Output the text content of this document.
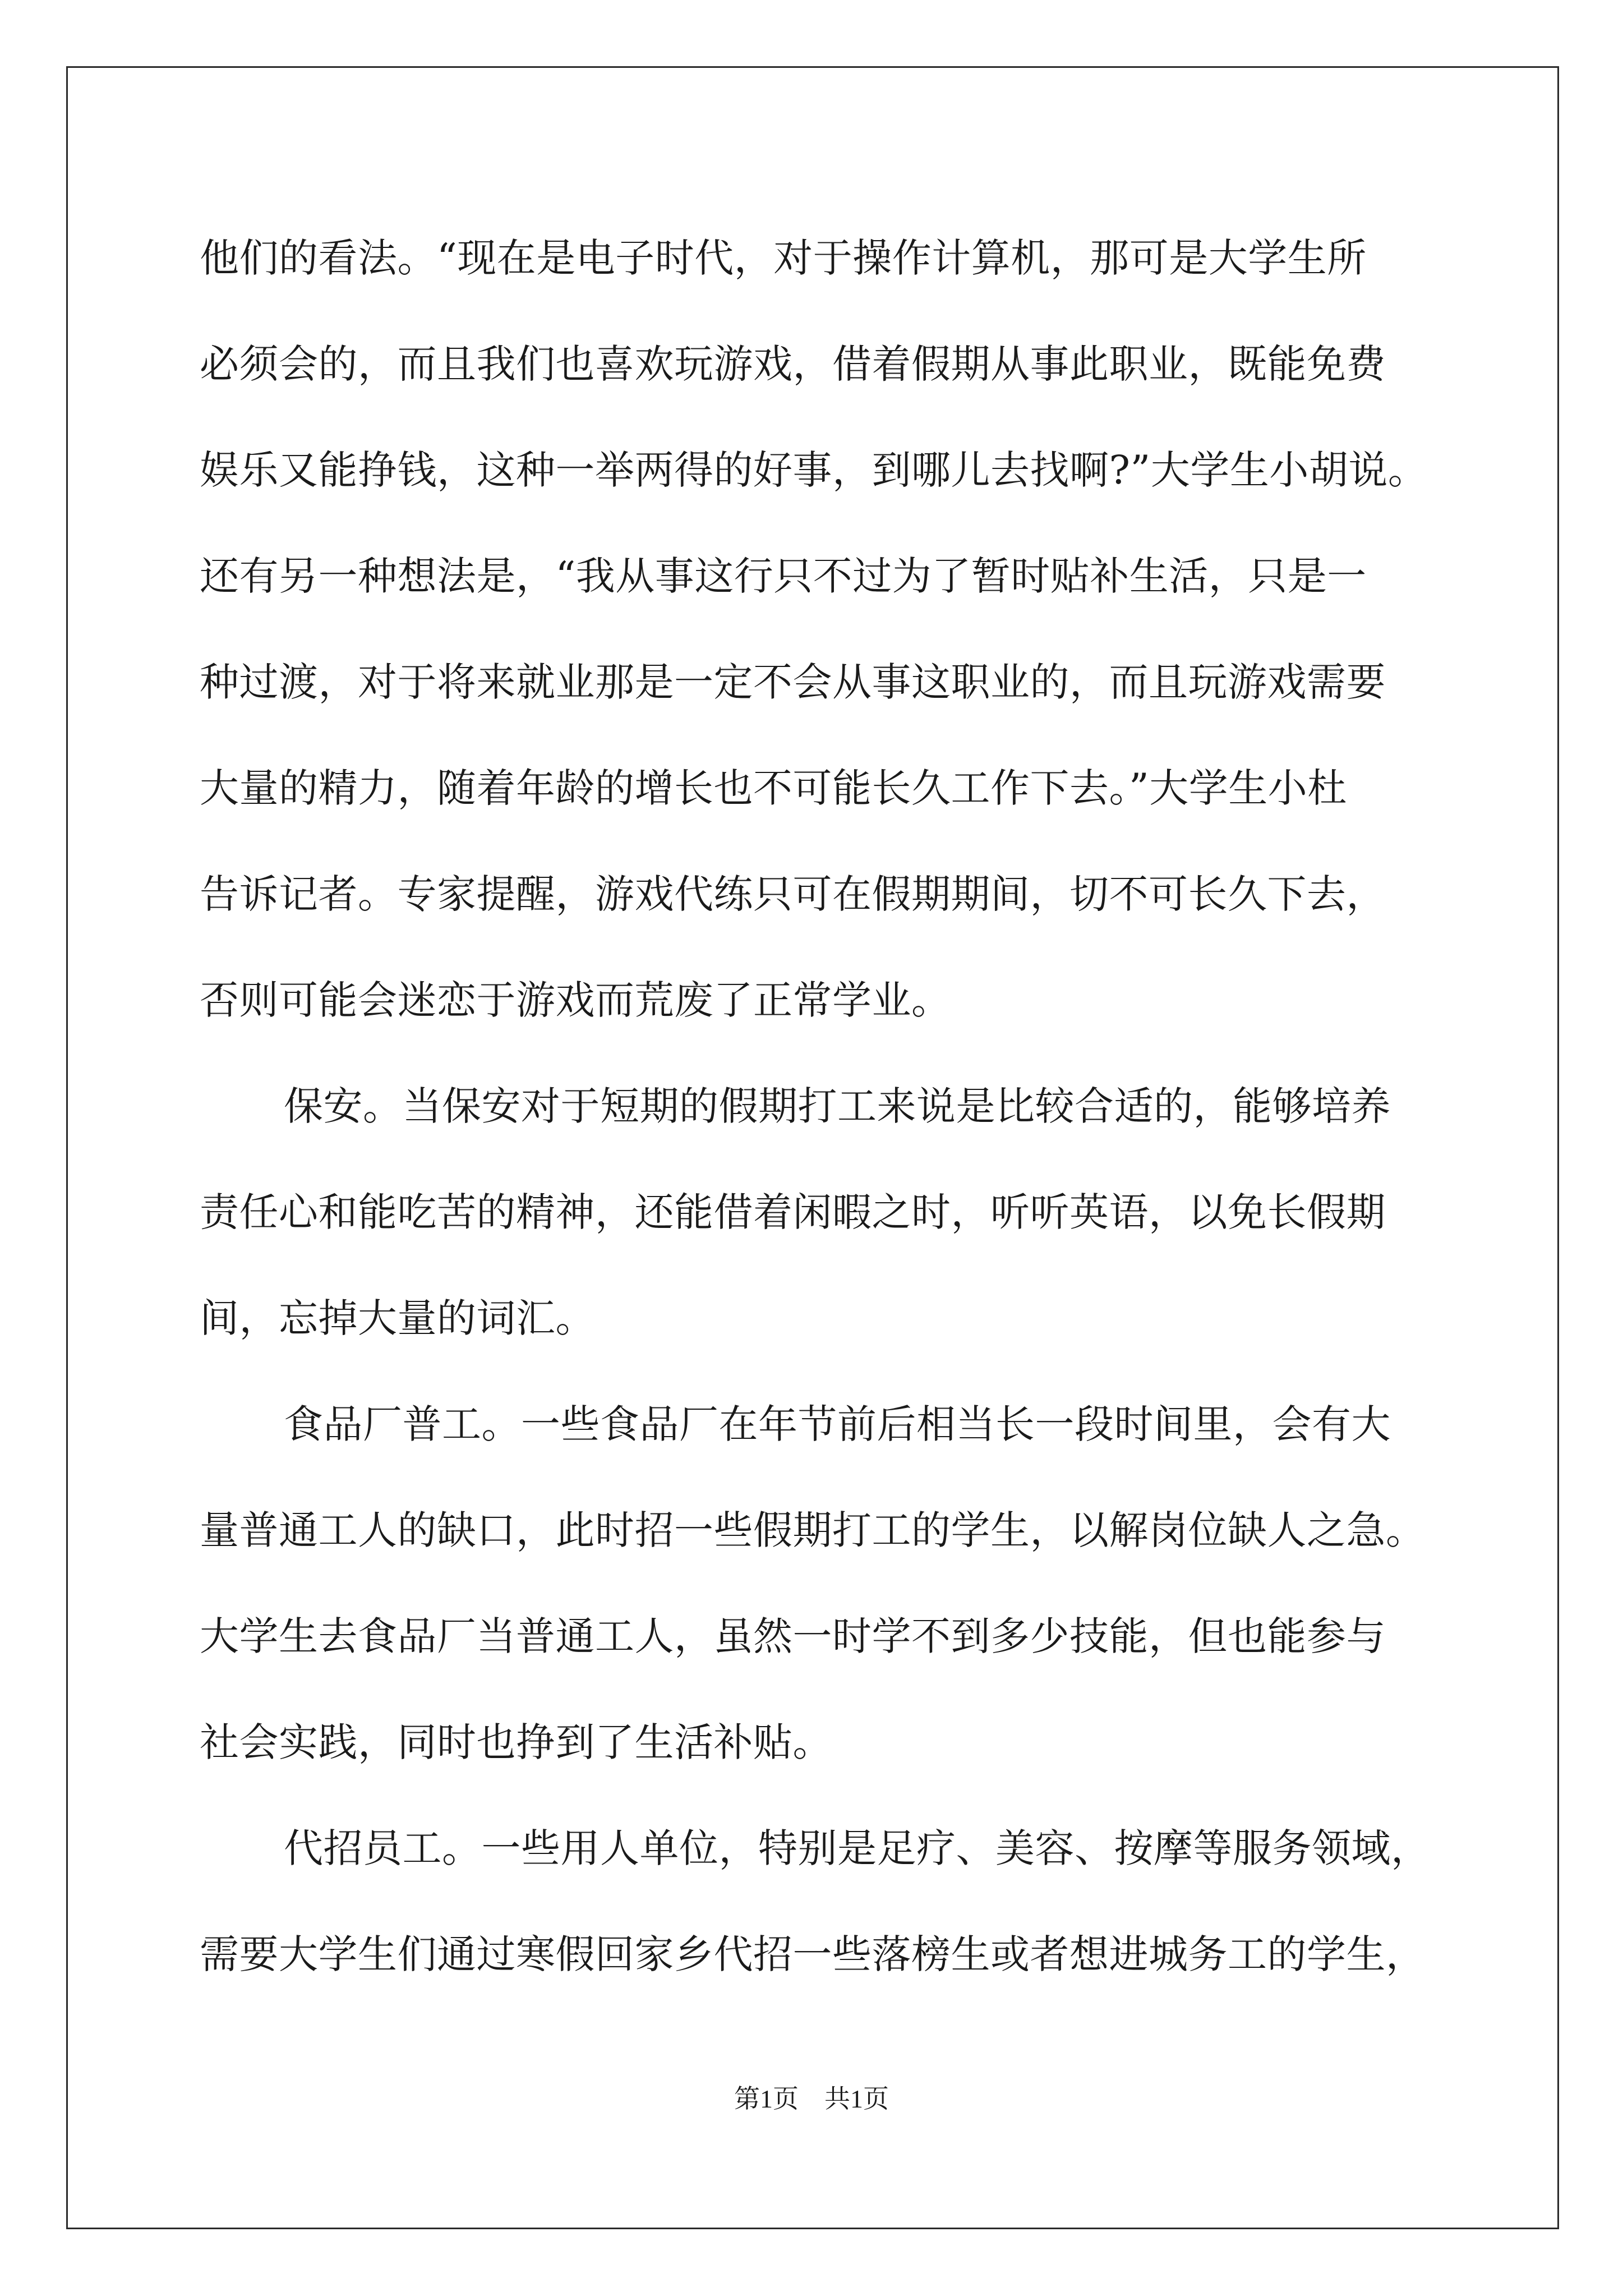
他们的看法。“现在是电子时代，对于操作计算机，那可是大学生所
必须会的，而且我们也喜欢玩游戏，借着假期从事此职业，既能免费
娱乐又能挣钱，这种一举两得的好事，到哪儿去找啊?”大学生小胡说。
还有另一种想法是，“我从事这行只不过为了暂时贴补生活，只是一
种过渡，对于将来就业那是一定不会从事这职业的，而且玩游戏需要
大量的精力，随着年龄的增长也不可能长久工作下去。”大学生小杜
告诉记者。专家提醒，游戏代练只可在假期期间，切不可长久下去，
否则可能会迷恋于游戏而荒废了正常学业。
保安。当保安对于短期的假期打工来说是比较合适的，能够培养
责任心和能吃苦的精神，还能借着闲暇之时，听听英语，以免长假期
间，忘掉大量的词汇。
食品厂普工。一些食品厂在年节前后相当长一段时间里，会有大
量普通工人的缺口，此时招一些假期打工的学生，以解岗位缺人之急。
大学生去食品厂当普通工人，虽然一时学不到多少技能，但也能参与
社会实践，同时也挣到了生活补贴。
代招员工。一些用人单位，特别是足疗、美容、按摩等服务领域，
需要大学生们通过寒假回家乡代招一些落榜生或者想进城务工的学生，
第1页 共1页
